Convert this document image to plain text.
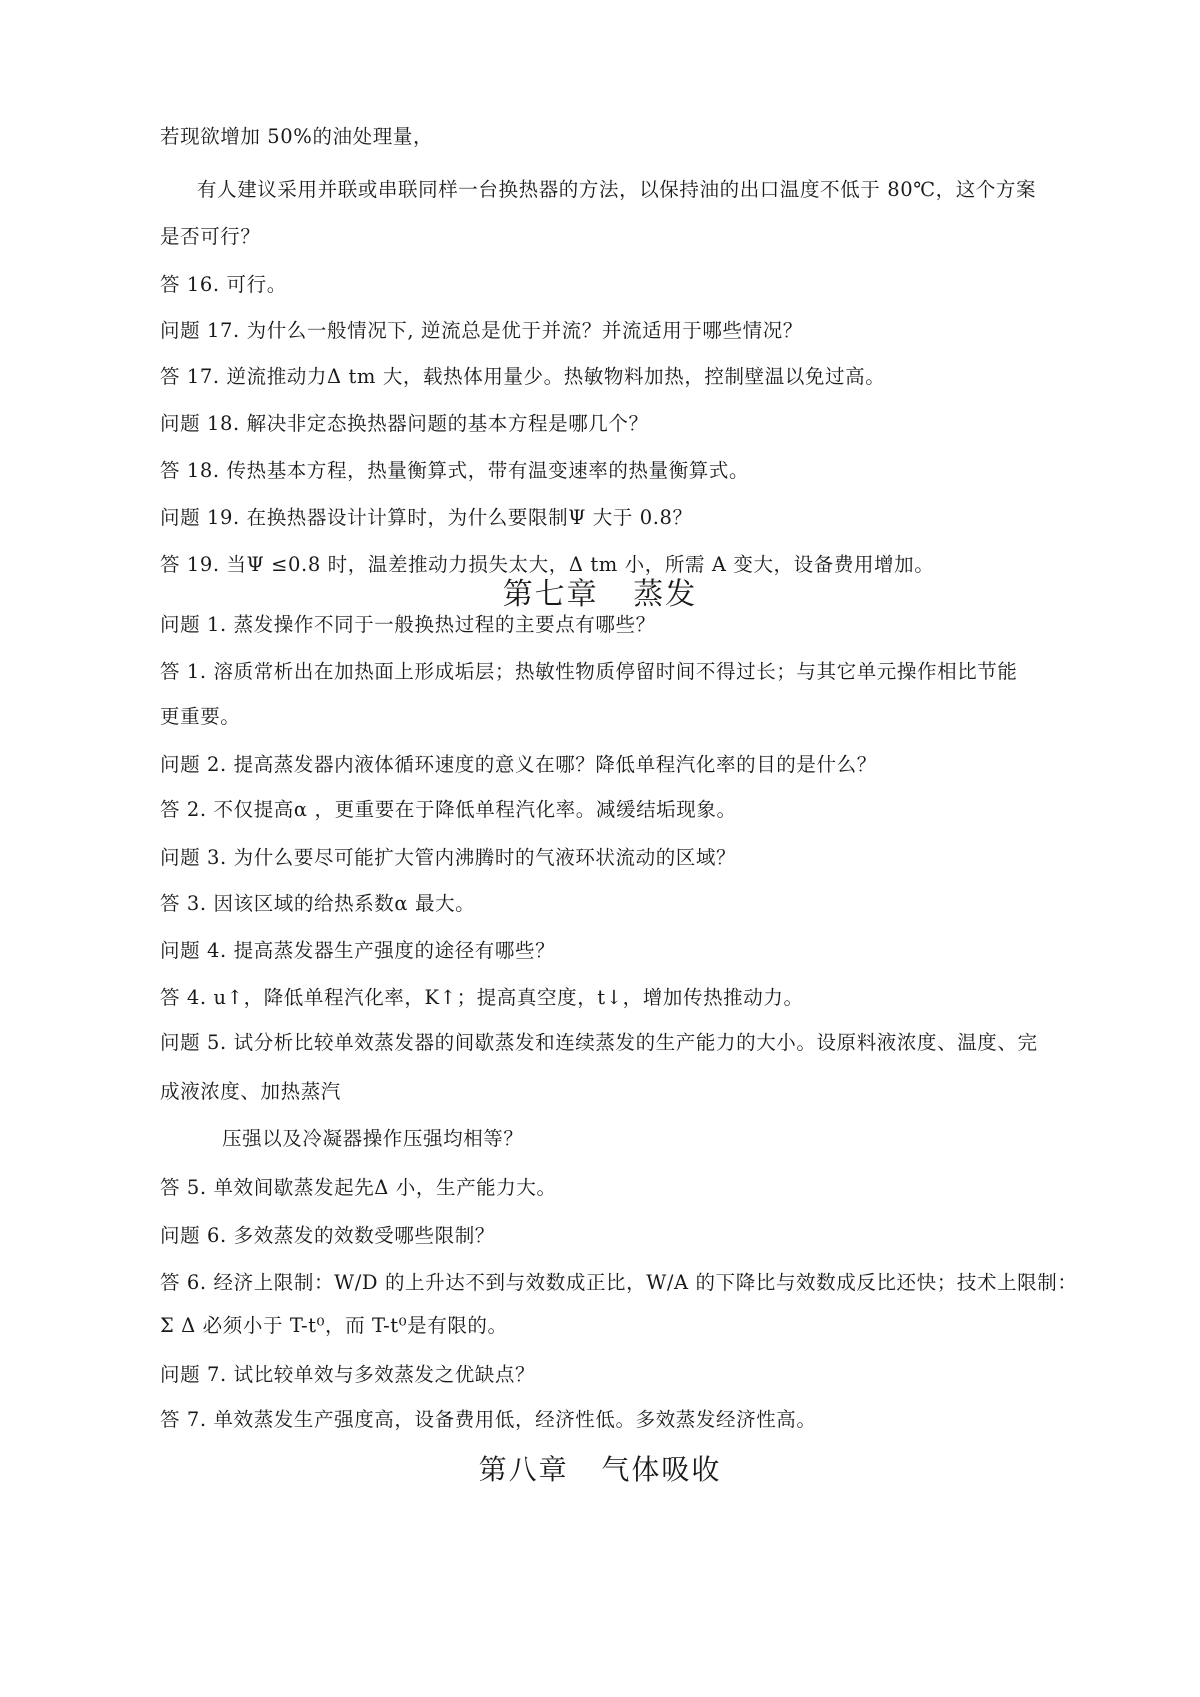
若现欲增加 50%的油处理量，
有人建议采用并联或串联同样一台换热器的方法，以保持油的出口温度不低于 80℃，这个方案
是否可行？
答 16. 可行。
问题 17. 为什么一般情况下, 逆流总是优于并流？并流适用于哪些情况？
答 17. 逆流推动力Δ tm 大，载热体用量少。热敏物料加热，控制壁温以免过高。
问题 18. 解决非定态换热器问题的基本方程是哪几个？
答 18. 传热基本方程，热量衡算式，带有温变速率的热量衡算式。
问题 19. 在换热器设计计算时，为什么要限制Ψ 大于 0.8？
答 19. 当Ψ ≤0.8 时，温差推动力损失太大，Δ tm 小，所需 A 变大，设备费用增加。
第七章   蒸发
问题 1. 蒸发操作不同于一般换热过程的主要点有哪些？
答 1. 溶质常析出在加热面上形成垢层；热敏性物质停留时间不得过长；与其它单元操作相比节能
更重要。
问题 2. 提高蒸发器内液体循环速度的意义在哪？降低单程汽化率的目的是什么？
答 2. 不仅提高α ，更重要在于降低单程汽化率。减缓结垢现象。
问题 3. 为什么要尽可能扩大管内沸腾时的气液环状流动的区域？
答 3. 因该区域的给热系数α 最大。
问题 4. 提高蒸发器生产强度的途径有哪些？
答 4. u↑，降低单程汽化率，K↑；提高真空度，t↓，增加传热推动力。
问题 5. 试分析比较单效蒸发器的间歇蒸发和连续蒸发的生产能力的大小。设原料液浓度、温度、完
成液浓度、加热蒸汽
压强以及冷凝器操作压强均相等？
答 5. 单效间歇蒸发起先Δ 小，生产能力大。
问题 6. 多效蒸发的效数受哪些限制？
答 6. 经济上限制：W/D 的上升达不到与效数成正比，W/A 的下降比与效数成反比还快；技术上限制：
Σ Δ 必须小于 T-t⁰，而 T-t⁰是有限的。
问题 7. 试比较单效与多效蒸发之优缺点？
答 7. 单效蒸发生产强度高，设备费用低，经济性低。多效蒸发经济性高。
第八章   气体吸收
